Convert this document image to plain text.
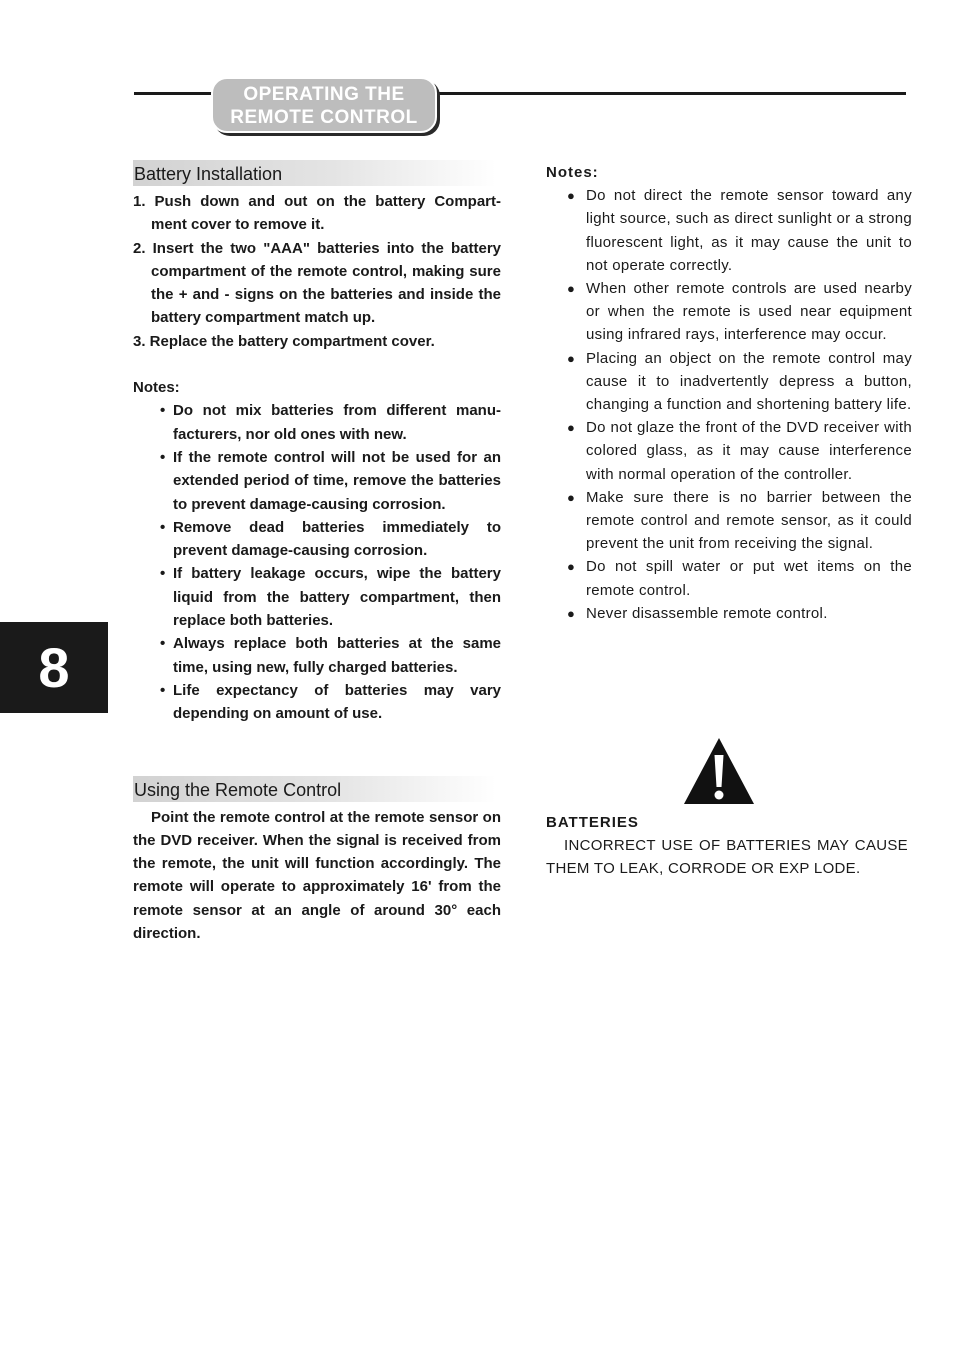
OPERATING THE
REMOTE CONTROL
8
Battery Installation
1. Push down and out on the battery Compart- ment cover to remove it.
2. Insert the two "AAA" batteries into the battery compartment of the remote control, making sure the + and - signs on the batteries and inside the battery compartment match up.
3. Replace the battery compartment cover.
Notes:
• Do not mix batteries from different manu- facturers, nor old ones with new.
• If the remote control will not be used for an extended period of time, remove the batteries to prevent damage-causing corrosion.
• Remove dead batteries immediately to prevent damage-causing corrosion.
• If battery leakage occurs, wipe the battery liquid from the battery compartment, then replace both batteries.
• Always replace both batteries at the same time, using new, fully charged batteries.
• Life expectancy of batteries may vary depending on amount of use.
Using the Remote Control
Point the remote control at the remote sensor on the DVD receiver. When the signal is received from the remote, the unit will function accordingly. The remote will operate to approximately 16' from the remote sensor at an angle of around 30° each direction.
Notes:
● Do not direct the remote sensor toward any light source, such as direct sunlight or a strong fluorescent light, as it may cause the unit to not operate correctly.
● When other remote controls are used nearby or when the remote is used near equipment using infrared rays, interference may occur.
● Placing an object on the remote control may cause it to inadvertently depress a button, changing a function and shortening battery life.
● Do not glaze the front of the DVD receiver with colored glass, as it may cause interference with normal operation of the controller.
● Make sure there is no barrier between the remote control and remote sensor, as it could prevent the unit from receiving the signal.
● Do not spill water or put wet items on the remote control.
● Never disassemble remote control.
BATTERIES
INCORRECT USE OF BATTERIES MAY CAUSE THEM TO LEAK, CORRODE OR EXP LODE.
